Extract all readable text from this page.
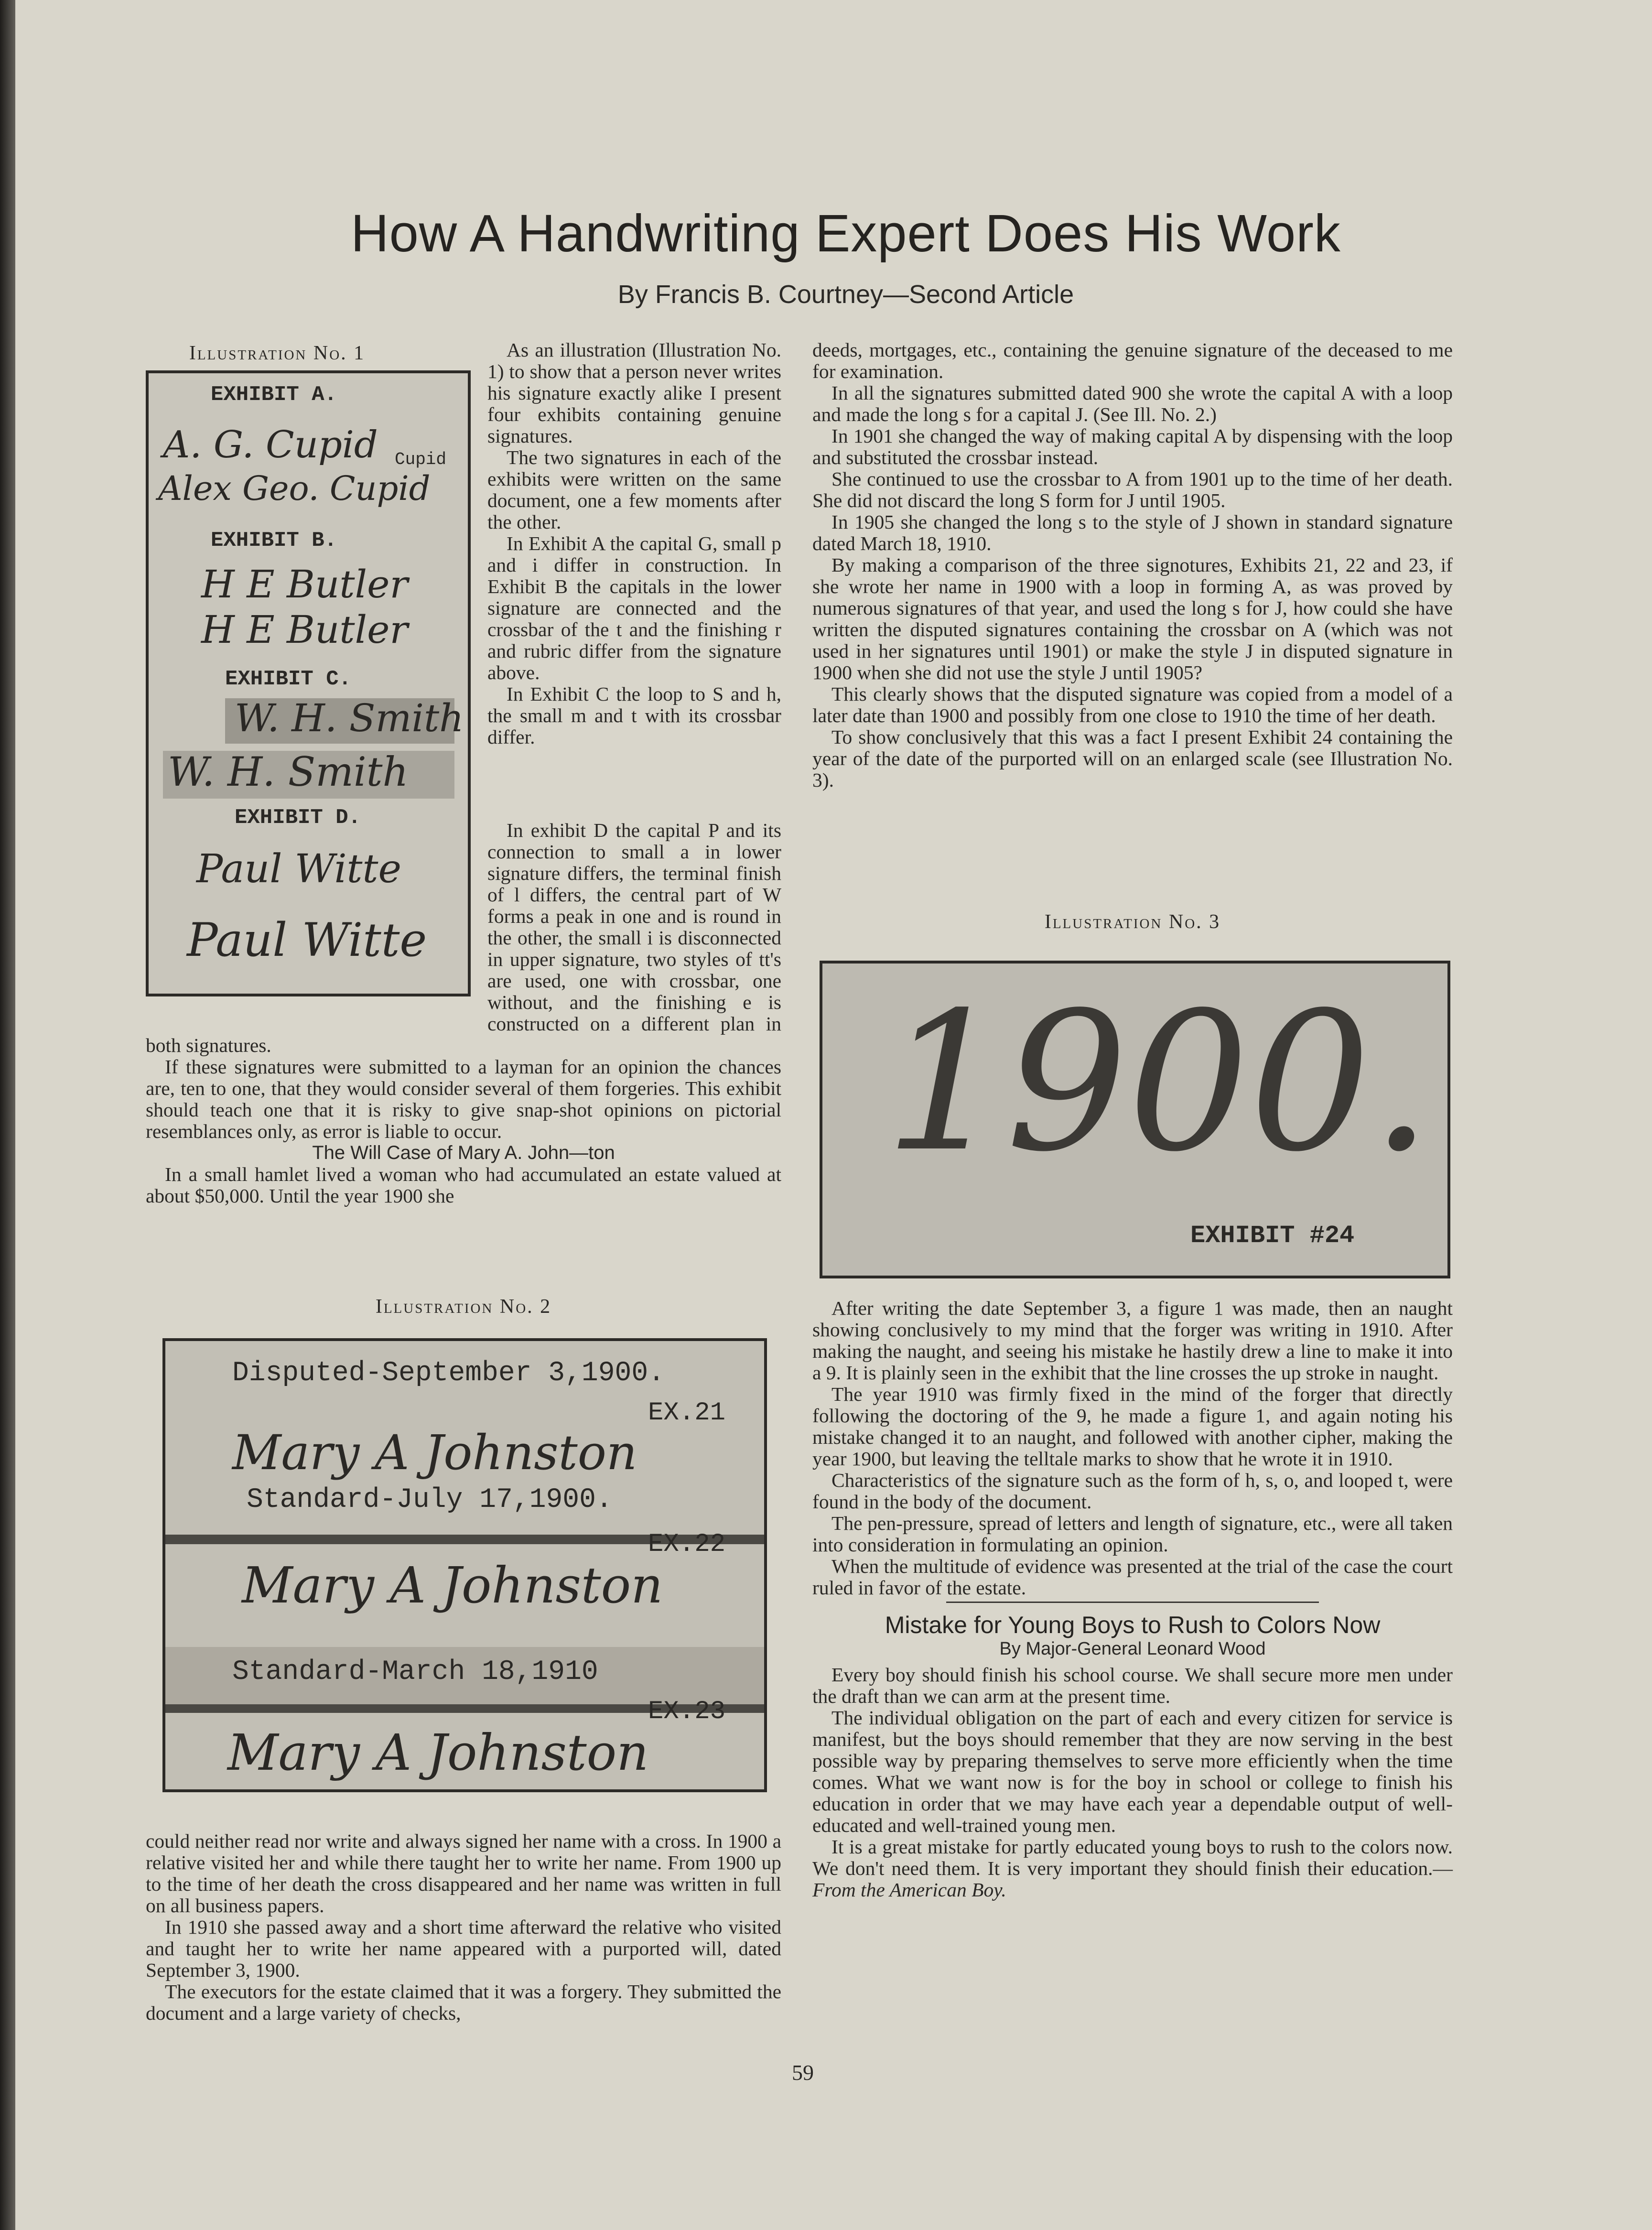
How A Handwriting Expert Does His Work
By Francis B. Courtney—Second Article
Illustration No. 1
EXHIBIT A.
A. G. Cupid Cupid
Alex Geo. Cupid
EXHIBIT B.
H E Butler
H E Butler
EXHIBIT C.
W. H. Smith
W. H. Smith
EXHIBIT D.
Paul Witte
Paul Witte

As an illustration (Illustration No. 1) to show that a person never writes his signature exactly alike I present four exhibits containing genuine signatures.

The two signatures in each of the exhibits were written on the same document, one a few moments after the other.

In Exhibit A the capital G, small p and i differ in construction. In Exhibit B the capitals in the lower signature are connected and the crossbar of the t and the finishing r and rubric differ from the signature above.

In Exhibit C the loop to S and h, the small m and t with its crossbar differ.

In exhibit D the capital P and its connection to small a in lower signature differs, the terminal finish of l differs, the central part of W forms a peak in one and is round in the other, the small i is disconnected in upper signature, two styles of tt's are used, one with crossbar, one without, and the finishing e is constructed on a different plan in both signatures.

If these signatures were submitted to a layman for an opinion the chances are, ten to one, that they would consider several of them forgeries. This exhibit should teach one that it is risky to give snap-shot opinions on pictorial resemblances only, as error is liable to occur.

The Will Case of Mary A. John—ton

In a small hamlet lived a woman who had accumulated an estate valued at about $50,000. Until the year 1900 she

Illustration No. 2
Disputed-September 3,1900.
EX.21
Mary A Johnston
Standard-July 17,1900.
EX.22
Mary A Johnston
Standard-March 18,1910
EX.23
Mary A Johnston

could neither read nor write and always signed her name with a cross. In 1900 a relative visited her and while there taught her to write her name. From 1900 up to the time of her death the cross disappeared and her name was written in full on all business papers.

In 1910 she passed away and a short time afterward the relative who visited and taught her to write her name appeared with a purported will, dated September 3, 1900.

The executors for the estate claimed that it was a forgery. They submitted the document and a large variety of checks,

deeds, mortgages, etc., containing the genuine signature of the deceased to me for examination.

In all the signatures submitted dated 900 she wrote the capital A with a loop and made the long s for a capital J. (See Ill. No. 2.)

In 1901 she changed the way of making capital A by dispensing with the loop and substituted the crossbar instead.

She continued to use the crossbar to A from 1901 up to the time of her death. She did not discard the long S form for J until 1905.

In 1905 she changed the long s to the style of J shown in standard signature dated March 18, 1910.

By making a comparison of the three signotures, Exhibits 21, 22 and 23, if she wrote her name in 1900 with a loop in forming A, as was proved by numerous signatures of that year, and used the long s for J, how could she have written the disputed signatures containing the crossbar on A (which was not used in her signatures until 1901) or make the style J in disputed signature in 1900 when she did not use the style J until 1905?

This clearly shows that the disputed signature was copied from a model of a later date than 1900 and possibly from one close to 1910 the time of her death.

To show conclusively that this was a fact I present Exhibit 24 containing the year of the date of the purported will on an enlarged scale (see Illustration No. 3).

Illustration No. 3
1900.
EXHIBIT #24

After writing the date September 3, a figure 1 was made, then an naught showing conclusively to my mind that the forger was writing in 1910. After making the naught, and seeing his mistake he hastily drew a line to make it into a 9. It is plainly seen in the exhibit that the line crosses the up stroke in naught.

The year 1910 was firmly fixed in the mind of the forger that directly following the doctoring of the 9, he made a figure 1, and again noting his mistake changed it to an naught, and followed with another cipher, making the year 1900, but leaving the telltale marks to show that he wrote it in 1910.

Characteristics of the signature such as the form of h, s, o, and looped t, were found in the body of the document.

The pen-pressure, spread of letters and length of signature, etc., were all taken into consideration in formulating an opinion.

When the multitude of evidence was presented at the trial of the case the court ruled in favor of the estate.

Mistake for Young Boys to Rush to Colors Now
By Major-General Leonard Wood

Every boy should finish his school course. We shall secure more men under the draft than we can arm at the present time.

The individual obligation on the part of each and every citizen for service is manifest, but the boys should remember that they are now serving in the best possible way by preparing themselves to serve more efficiently when the time comes. What we want now is for the boy in school or college to finish his education in order that we may have each year a dependable output of well-educated and well-trained young men.

It is a great mistake for partly educated young boys to rush to the colors now. We don't need them. It is very important they should finish their education.—From the American Boy.

59
